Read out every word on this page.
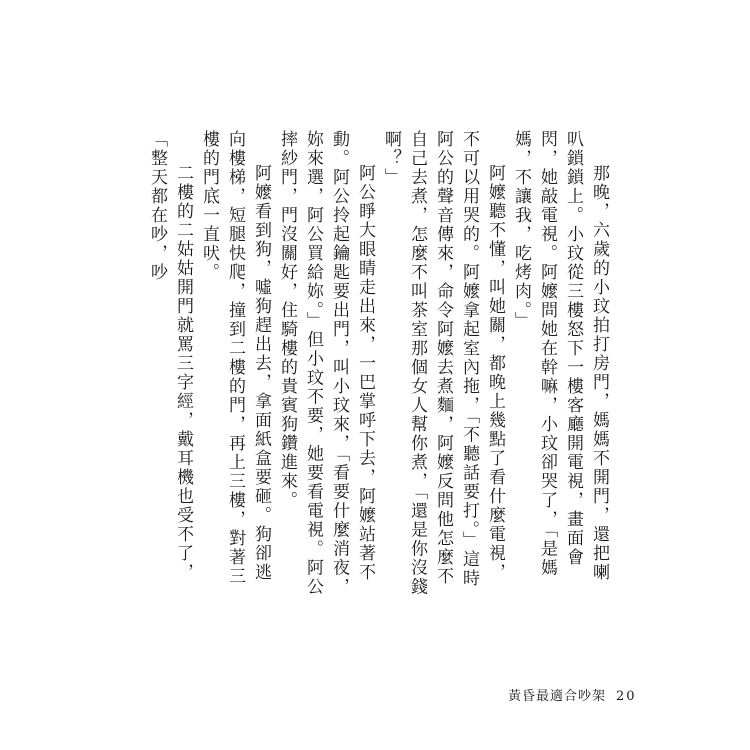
那晚，六歲的小玟拍打房門，媽媽不開門，還把喇叭鎖鎖上。小玟從三樓怒下一樓客廳開電視，畫面會閃，她敲電視。阿嬤問她在幹嘛，小玟卻哭了，「是媽媽，不讓我，吃烤肉。」

阿嬤聽不懂，叫她關，都晚上幾點了看什麼電視，不可以用哭的。阿嬤拿起室內拖，「不聽話要打。」這時阿公的聲音傳來，命令阿嬤去煮麵，阿嬤反問他怎麼不自己去煮，怎麼不叫茶室那個女人幫你煮，「還是你沒錢啊？」

阿公睜大眼睛走出來，一巴掌呼下去，阿嬤站著不動。阿公拎起鑰匙要出門，叫小玟來，「看要什麼消夜，妳來選，阿公買給妳。」但小玟不要，她要看電視。阿公摔紗門，門沒關好，住騎樓的貴賓狗鑽進來。

阿嬤看到狗，噓狗趕出去，拿面紙盒要砸。狗卻逃向樓梯，短腿快爬，撞到二樓的門，再上三樓，對著三樓的門底一直吠。

二樓的二姑姑開門就罵三字經，戴耳機也受不了，「整天都在吵，吵

黃昏最適合吵架 20
